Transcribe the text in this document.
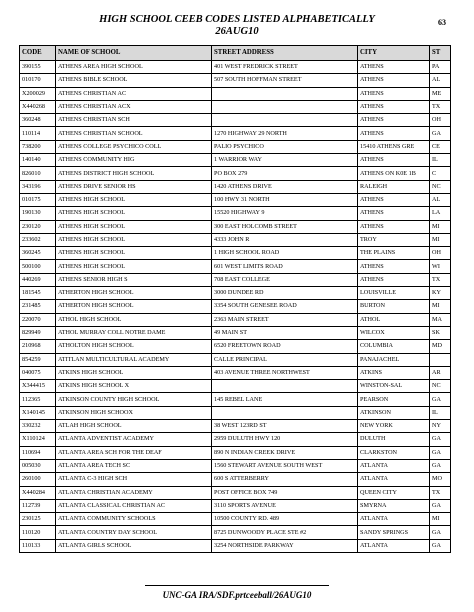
HIGH SCHOOL CEEB CODES LISTED ALPHABETICALLY
26AUG10
63
CODE	NAME OF SCHOOL	STREET ADDRESS	CITY	ST
390155	ATHENS AREA HIGH SCHOOL	401 WEST FREDRICK STREET	ATHENS	PA
010170	ATHENS BIBLE SCHOOL	507 SOUTH HOFFMAN STREET	ATHENS	AL
X200029	ATHENS CHRISTIAN AC		ATHENS	ME
X440268	ATHENS CHRISTIAN ACX		ATHENS	TX
360248	ATHENS CHRISTIAN SCH		ATHENS	OH
110114	ATHENS CHRISTIAN SCHOOL	1270 HIGHWAY 29 NORTH	ATHENS	GA
738200	ATHENS COLLEGE PSYCHICO COLL	PALIO PSYCHICO	15410 ATHENS GRE	CE
140140	ATHENS COMMUNITY HIG	1 WARRIOR WAY	ATHENS	IL
826010	ATHENS DISTRICT HIGH SCHOOL	PO BOX 279	ATHENS ON K0E 1B	C
343196	ATHENS DRIVE SENIOR HS	1420 ATHENS DRIVE	RALEIGH	NC
010175	ATHENS HIGH SCHOOL	100 HWY 31 NORTH	ATHENS	AL
190130	ATHENS HIGH SCHOOL	15520 HIGHWAY 9	ATHENS	LA
230120	ATHENS HIGH SCHOOL	300 EAST HOLCOMB STREET	ATHENS	MI
233602	ATHENS HIGH SCHOOL	4333 JOHN R	TROY	MI
360245	ATHENS HIGH SCHOOL	1 HIGH SCHOOL ROAD	THE PLAINS	OH
500100	ATHENS HIGH SCHOOL	601 WEST LIMITS ROAD	ATHENS	WI
440269	ATHENS SENIOR HIGH S	708 EAST COLLEGE	ATHENS	TX
181545	ATHERTON HIGH SCHOOL	3000 DUNDEE RD	LOUISVILLE	KY
231485	ATHERTON HIGH SCHOOL	3354 SOUTH GENESEE ROAD	BURTON	MI
220070	ATHOL HIGH SCHOOL	2363 MAIN STREET	ATHOL	MA
829949	ATHOL MURRAY COLL NOTRE DAME	49 MAIN ST	WILCOX	SK
210968	ATHOLTON HIGH SCHOOL	6520 FREETOWN ROAD	COLUMBIA	MD
854259	ATITLAN MULTICULTURAL ACADEMY	CALLE PRINCIPAL	PANAJACHEL	
040075	ATKINS HIGH SCHOOL	403 AVENUE THREE NORTHWEST	ATKINS	AR
X344415	ATKINS HIGH SCHOOL X		WINSTON-SAL	NC
112365	ATKINSON COUNTY HIGH SCHOOL	145 REBEL LANE	PEARSON	GA
X140145	ATKINSON HIGH SCHOOX		ATKINSON	IL
330232	ATLAH HIGH SCHOOL	38 WEST 123RD ST	NEW YORK	NY
X110124	ATLANTA ADVENTIST ACADEMY	2959 DULUTH HWY 120	DULUTH	GA
110694	ATLANTA AREA SCH FOR THE DEAF	890 N INDIAN CREEK DRIVE	CLARKSTON	GA
005030	ATLANTA AREA TECH SC	1560 STEWART AVENUE SOUTH WEST	ATLANTA	GA
260100	ATLANTA C-3 HIGH SCH	600 S ATTERBERRY	ATLANTA	MO
X440284	ATLANTA CHRISTIAN ACADEMY	POST OFFICE BOX 749	QUEEN CITY	TX
112739	ATLANTA CLASSICAL CHRISTIAN AC	3110 SPORTS AVENUE	SMYRNA	GA
230125	ATLANTA COMMUNITY SCHOOLS	10500 COUNTY RD. 489	ATLANTA	MI
110120	ATLANTA COUNTRY DAY SCHOOL	8725 DUNWOODY PLACE STE #2	SANDY SPRINGS	GA
110133	ATLANTA GIRLS SCHOOL	3254 NORTHSIDE PARKWAY	ATLANTA	GA
UNC-GA IRA/SDF.prtceeball/26AUG10
